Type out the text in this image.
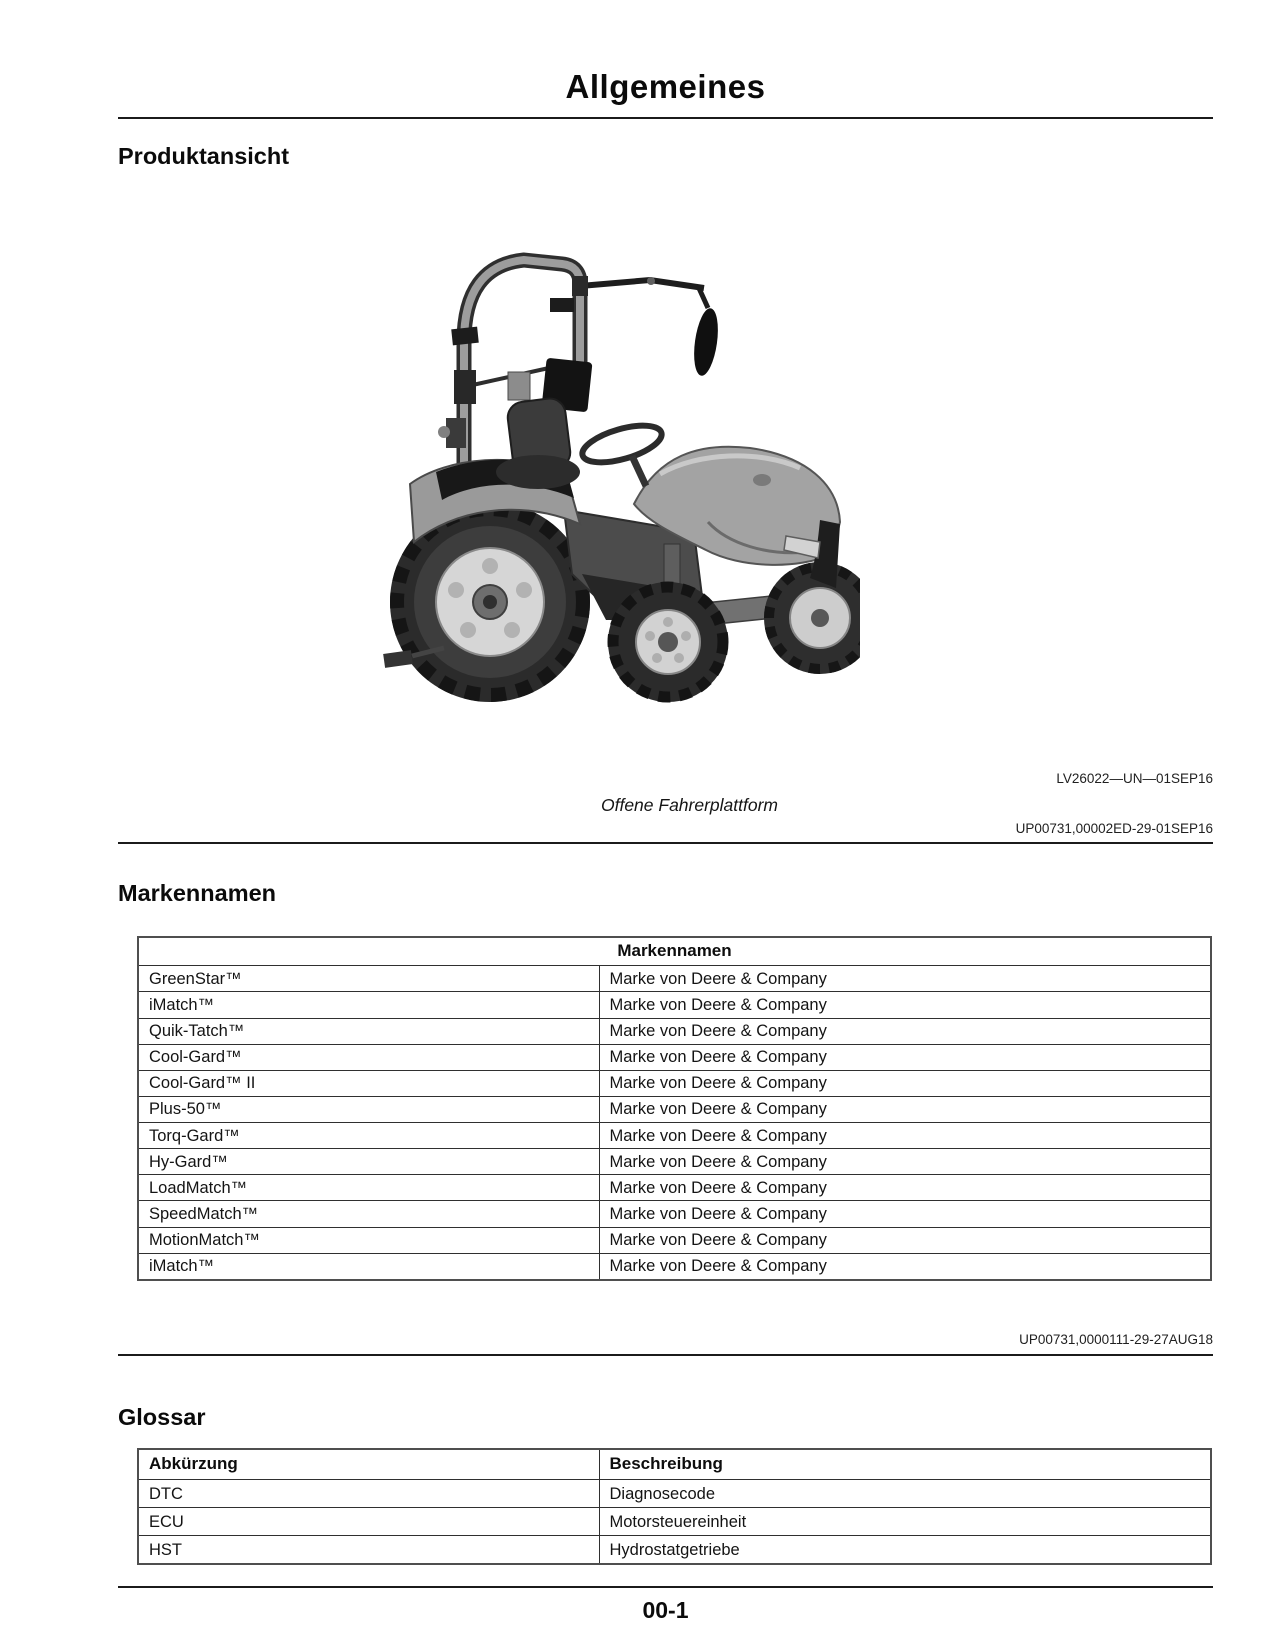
Allgemeines
Produktansicht
LV26022—UN—01SEP16
Offene Fahrerplattform
UP00731,00002ED-29-01SEP16
Markennamen
Markennamen	
GreenStar™	Marke von Deere & Company
iMatch™	Marke von Deere & Company
Quik-Tatch™	Marke von Deere & Company
Cool-Gard™	Marke von Deere & Company
Cool-Gard™ II	Marke von Deere & Company
Plus-50™	Marke von Deere & Company
Torq-Gard™	Marke von Deere & Company
Hy-Gard™	Marke von Deere & Company
LoadMatch™	Marke von Deere & Company
SpeedMatch™	Marke von Deere & Company
MotionMatch™	Marke von Deere & Company
iMatch™	Marke von Deere & Company
UP00731,0000111-29-27AUG18
Glossar
Abkürzung	Beschreibung
DTC	Diagnosecode
ECU	Motorsteuereinheit
HST	Hydrostatgetriebe
00-1
